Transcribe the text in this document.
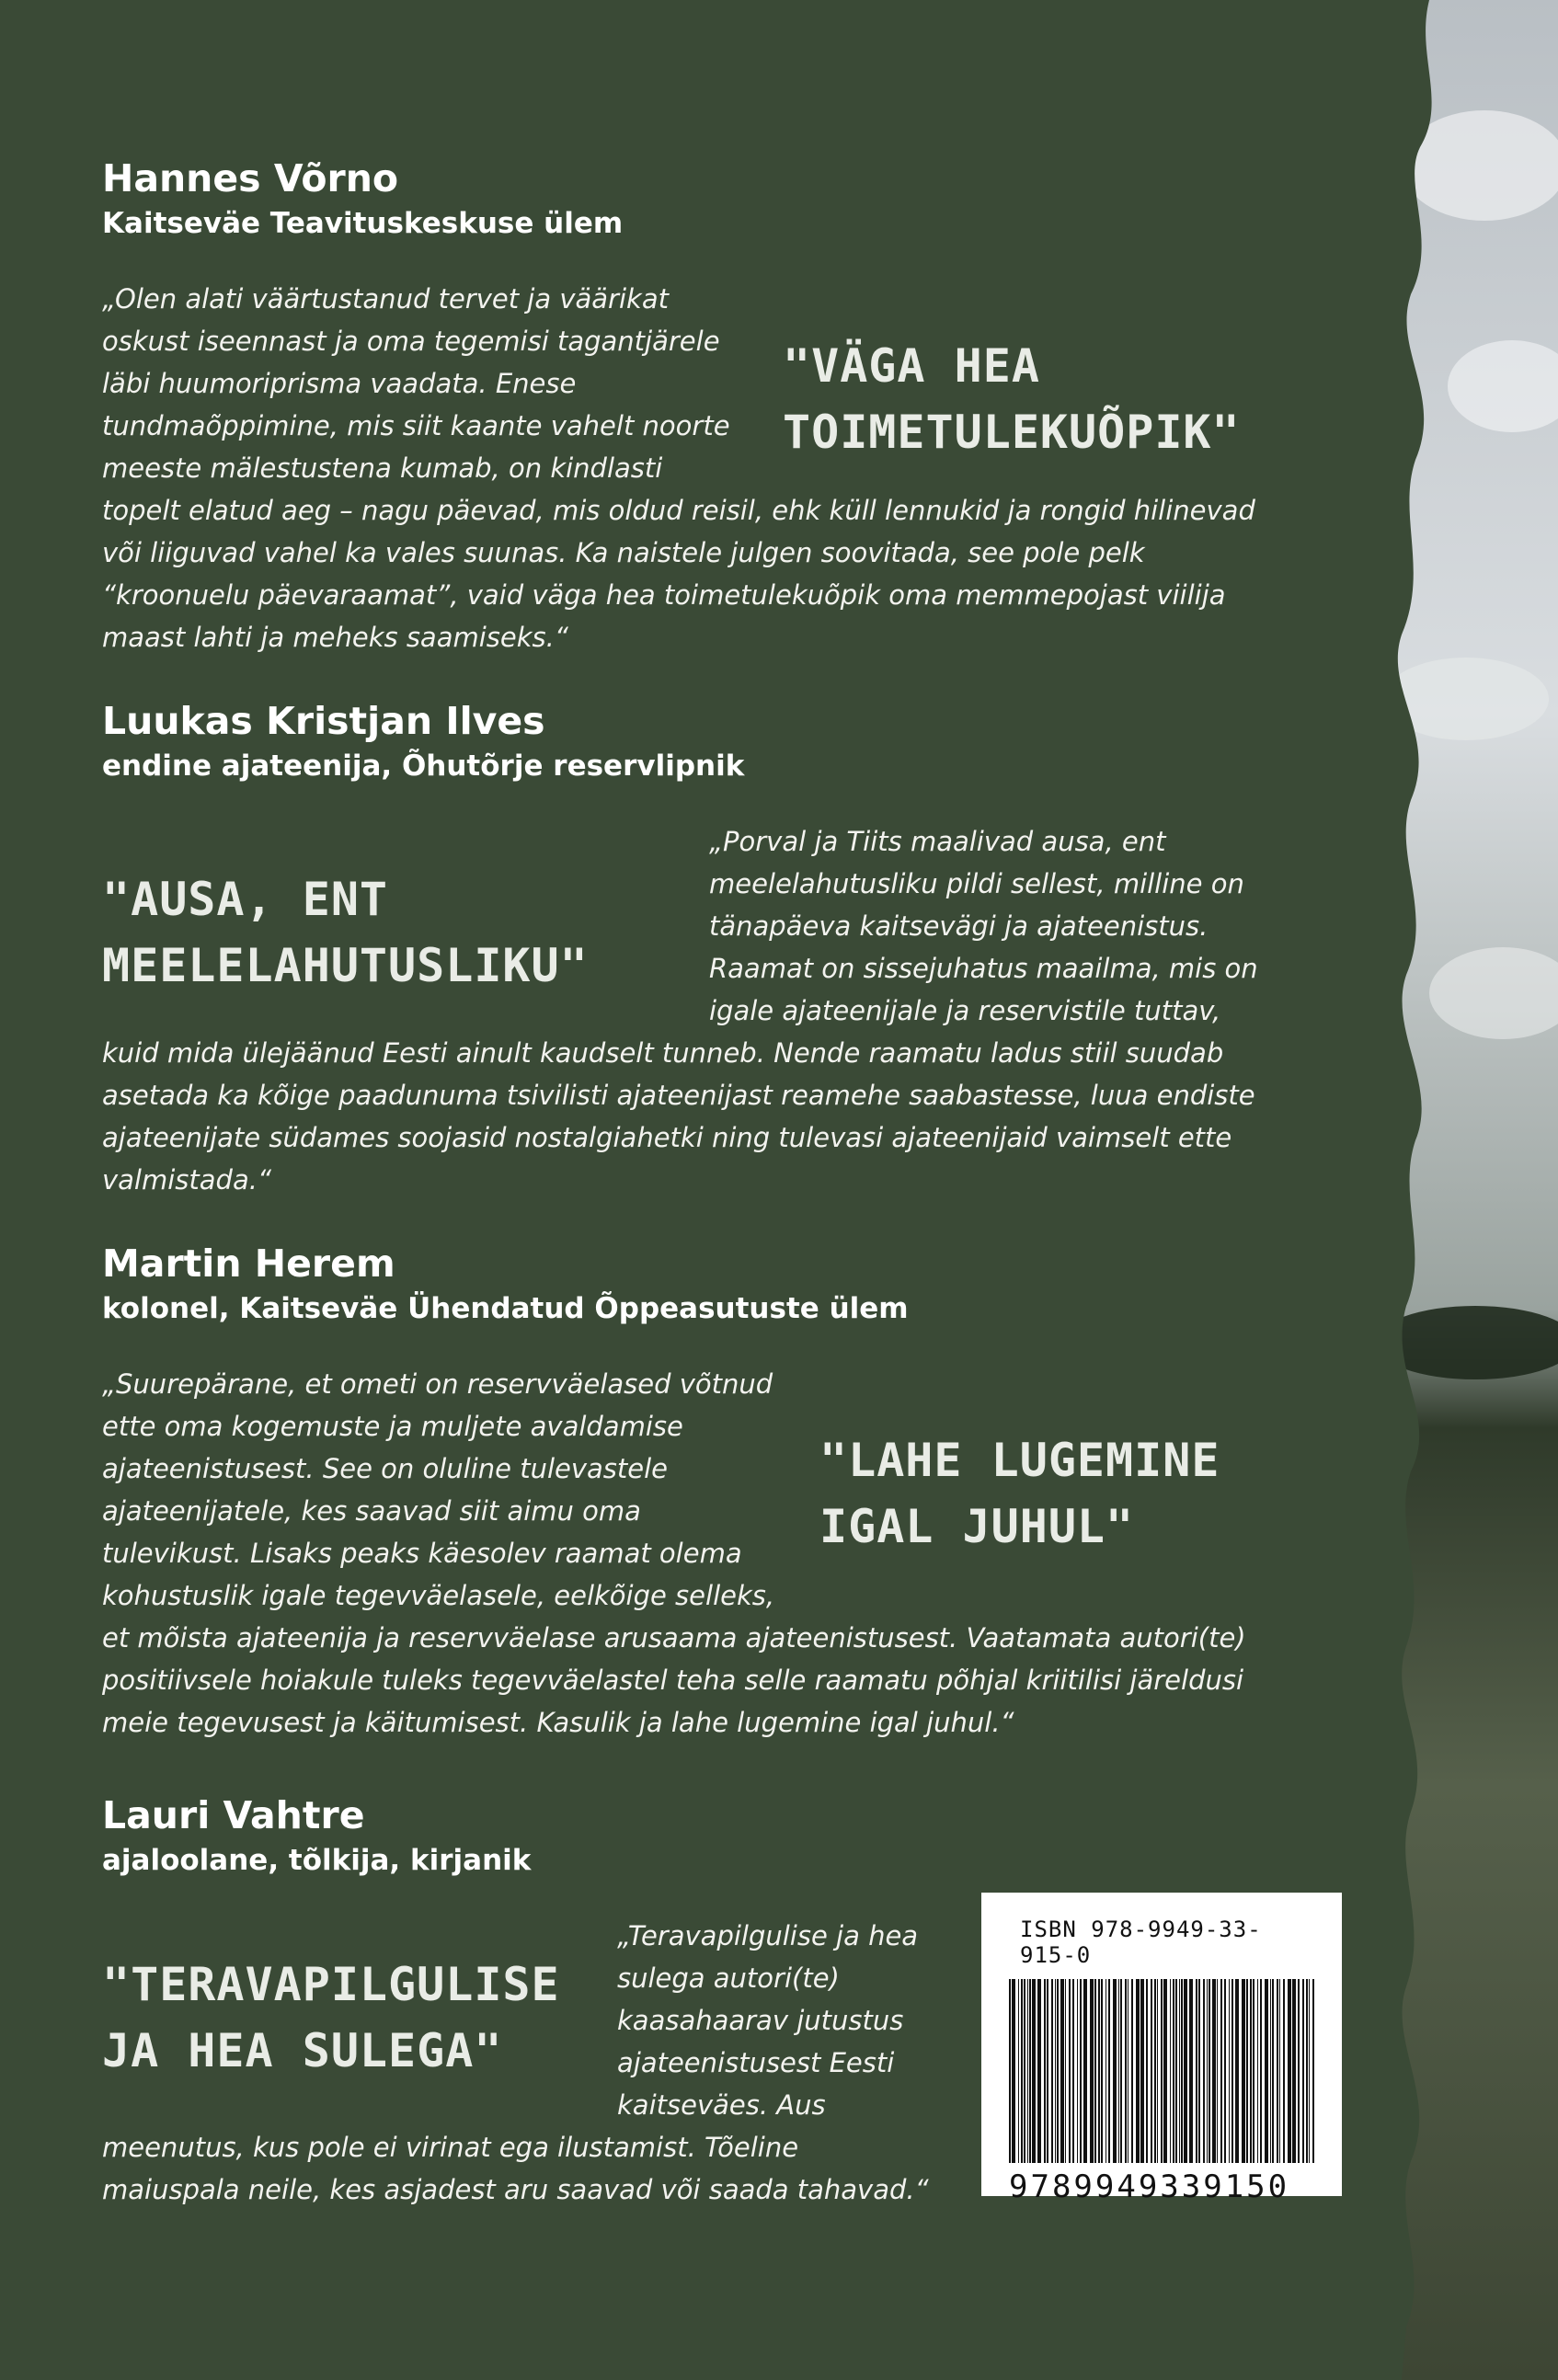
Hannes Võrno
Kaitseväe Teavituskeskuse ülem

"VÄGA HEA TOIMETULEKUÕPIK"

„Olen alati väärtustanud tervet ja väärikat oskust iseennast ja oma tegemisi tagantjärele läbi huumoriprisma vaadata. Enese tundmaõppimine, mis siit kaante vahelt noorte meeste mälestustena kumab, on kindlasti topelt elatud aeg – nagu päevad, mis oldud reisil, ehk küll lennukid ja rongid hilinevad või liiguvad vahel ka vales suunas. Ka naistele julgen soovitada, see pole pelk “kroonuelu päevaraamat”, vaid väga hea toimetulekuõpik oma memmepojast viilija maast lahti ja meheks saamiseks.“

Luukas Kristjan Ilves
endine ajateenija, Õhutõrje reservlipnik

"AUSA, ENT MEELELAHUTUSLIKU"

„Porval ja Tiits maalivad ausa, ent meelelahutusliku pildi sellest, milline on tänapäeva kaitsevägi ja ajateenistus. Raamat on sissejuhatus maailma, mis on igale ajateenijale ja reservistile tuttav, kuid mida ülejäänud Eesti ainult kaudselt tunneb. Nende raamatu ladus stiil suudab asetada ka kõige paadunuma tsivilisti ajateenijast reamehe saabastesse, luua endiste ajateenijate südames soojasid nostalgiahetki ning tulevasi ajateenijaid vaimselt ette valmistada.“

Martin Herem
kolonel, Kaitseväe Ühendatud Õppeasutuste ülem

"LAHE LUGEMINE IGAL JUHUL"

„Suurepärane, et ometi on reservväelased võtnud ette oma kogemuste ja muljete avaldamise ajateenistusest. See on oluline tulevastele ajateenijatele, kes saavad siit aimu oma tulevikust. Lisaks peaks käesolev raamat olema kohustuslik igale tegevväelasele, eelkõige selleks, et mõista ajateenija ja reservväelase arusaama ajateenistusest. Vaatamata autori(te) positiivsele hoiakule tuleks tegevväelastel teha selle raamatu põhjal kriitilisi järeldusi meie tegevusest ja käitumisest. Kasulik ja lahe lugemine igal juhul.“

Lauri Vahtre
ajaloolane, tõlkija, kirjanik

"TERAVAPILGULISE JA HEA SULEGA"

„Teravapilgulise ja hea sulega autori(te) kaasahaarav jutustus ajateenistusest Eesti kaitseväes. Aus meenutus, kus pole ei virinat ega ilustamist. Tõeline maiuspala neile, kes asjadest aru saavad või saada tahavad.“

ISBN 978-9949-33-915-0

9789949339150
